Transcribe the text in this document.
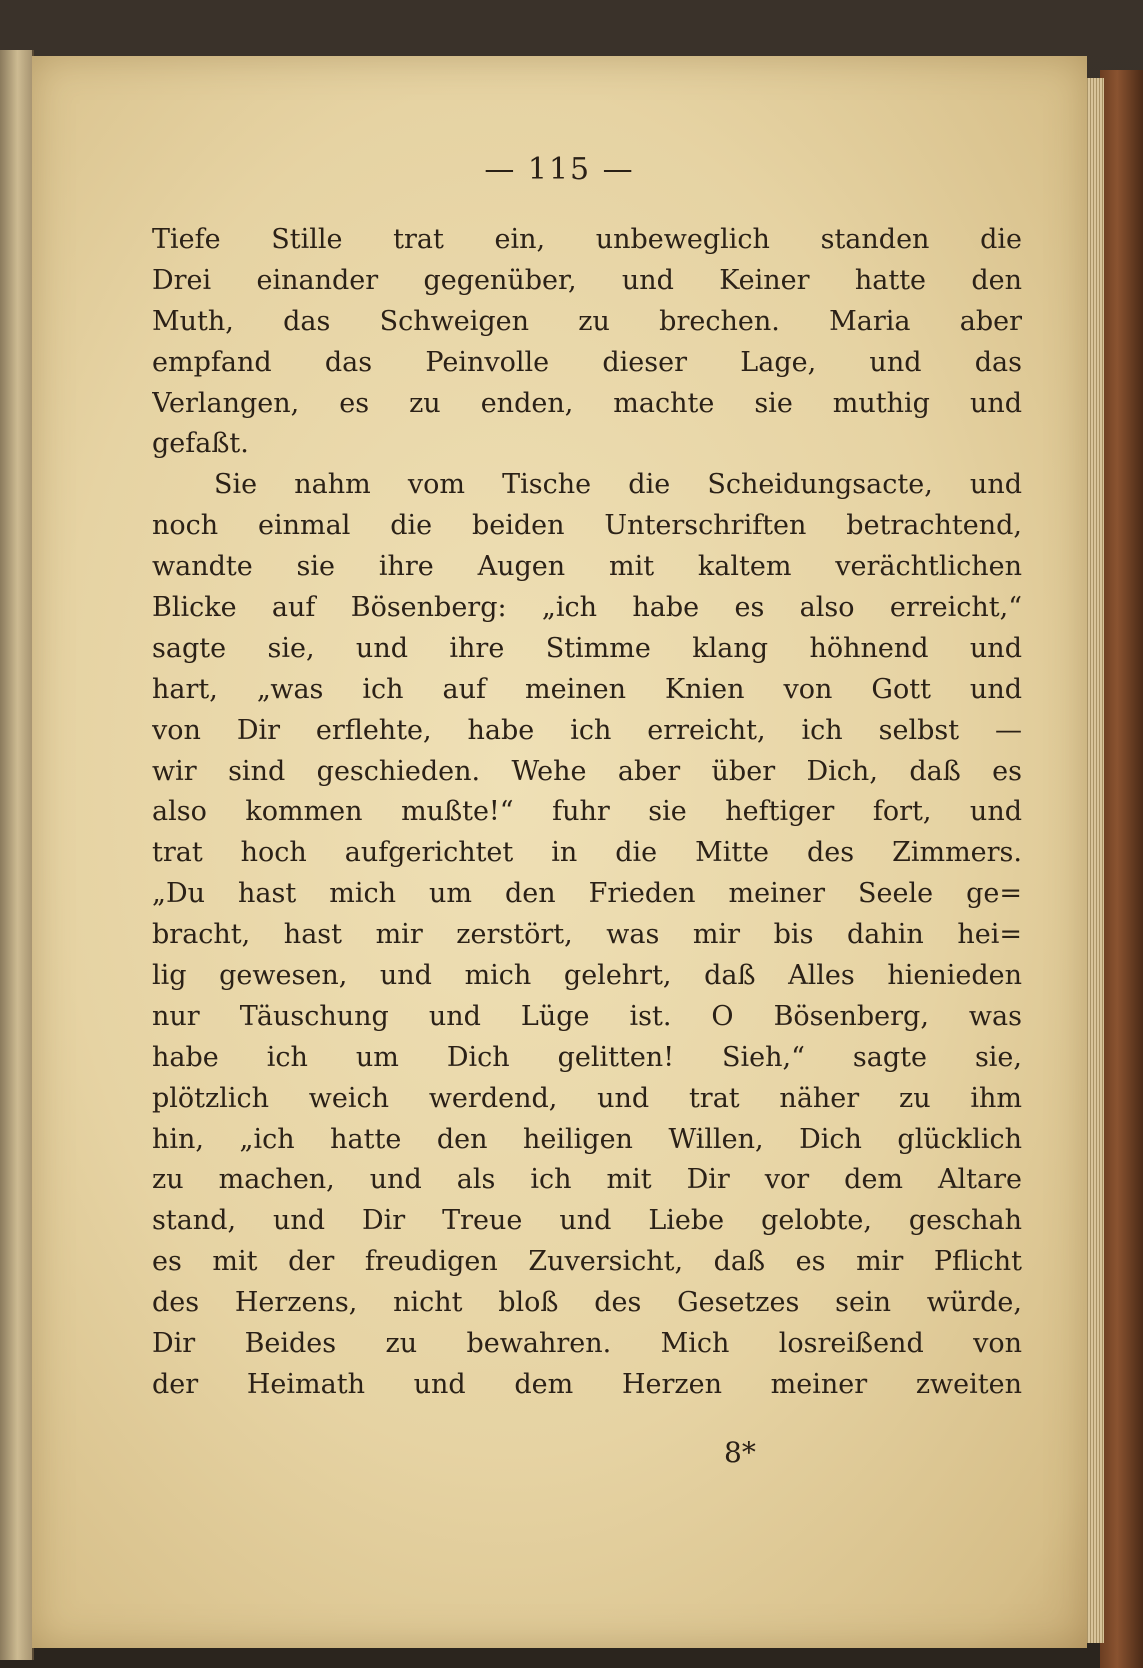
— 115 —
Tiefe Stille trat ein, unbeweglich standen die
Drei einander gegenüber, und Keiner hatte den
Muth, das Schweigen zu brechen. Maria aber
empfand das Peinvolle dieser Lage, und das
Verlangen, es zu enden, machte sie muthig und
gefaßt.
Sie nahm vom Tische die Scheidungsacte, und
noch einmal die beiden Unterschriften betrachtend,
wandte sie ihre Augen mit kaltem verächtlichen
Blicke auf Bösenberg: „ich habe es also erreicht,“
sagte sie, und ihre Stimme klang höhnend und
hart, „was ich auf meinen Knien von Gott und
von Dir erflehte, habe ich erreicht, ich selbst —
wir sind geschieden. Wehe aber über Dich, daß es
also kommen mußte!“ fuhr sie heftiger fort, und
trat hoch aufgerichtet in die Mitte des Zimmers.
„Du hast mich um den Frieden meiner Seele ge=
bracht, hast mir zerstört, was mir bis dahin hei=
lig gewesen, und mich gelehrt, daß Alles hienieden
nur Täuschung und Lüge ist. O Bösenberg, was
habe ich um Dich gelitten! Sieh,“ sagte sie,
plötzlich weich werdend, und trat näher zu ihm
hin, „ich hatte den heiligen Willen, Dich glücklich
zu machen, und als ich mit Dir vor dem Altare
stand, und Dir Treue und Liebe gelobte, geschah
es mit der freudigen Zuversicht, daß es mir Pflicht
des Herzens, nicht bloß des Gesetzes sein würde,
Dir Beides zu bewahren. Mich losreißend von
der Heimath und dem Herzen meiner zweiten
8*
